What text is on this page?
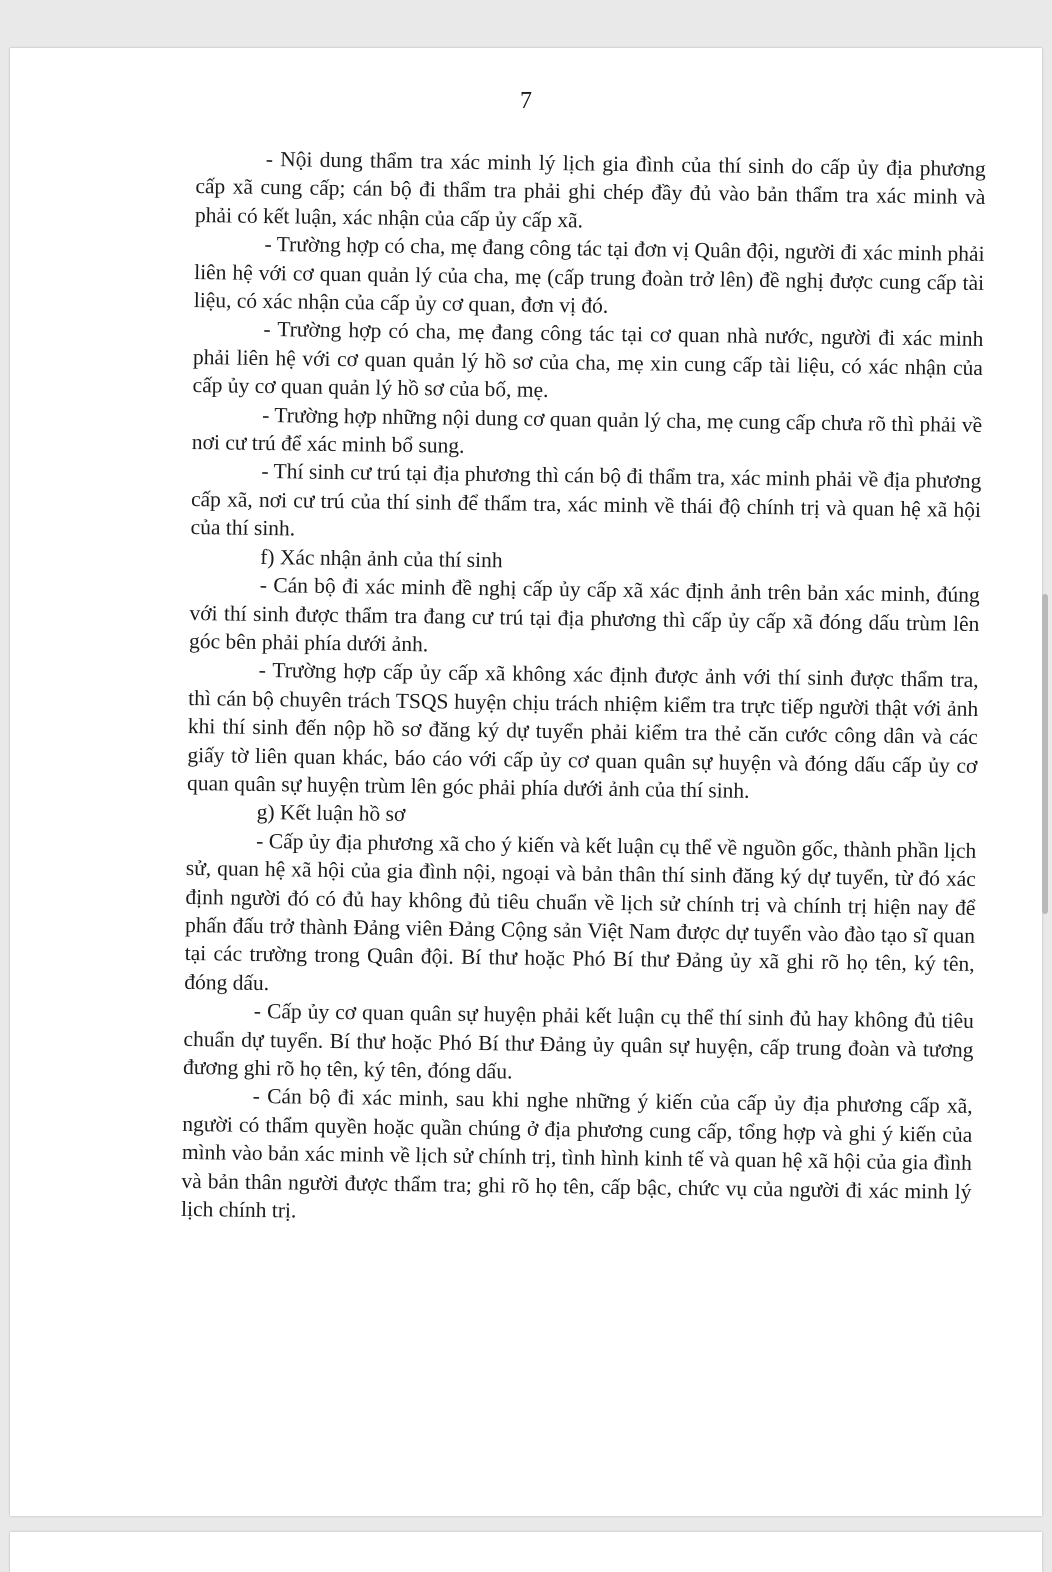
7

- Nội dung thẩm tra xác minh lý lịch gia đình của thí sinh do cấp ủy địa phương cấp xã cung cấp; cán bộ đi thẩm tra phải ghi chép đầy đủ vào bản thẩm tra xác minh và phải có kết luận, xác nhận của cấp ủy cấp xã.

- Trường hợp có cha, mẹ đang công tác tại đơn vị Quân đội, người đi xác minh phải liên hệ với cơ quan quản lý của cha, mẹ (cấp trung đoàn trở lên) đề nghị được cung cấp tài liệu, có xác nhận của cấp ủy cơ quan, đơn vị đó.

- Trường hợp có cha, mẹ đang công tác tại cơ quan nhà nước, người đi xác minh phải liên hệ với cơ quan quản lý hồ sơ của cha, mẹ xin cung cấp tài liệu, có xác nhận của cấp ủy cơ quan quản lý hồ sơ của bố, mẹ.

- Trường hợp những nội dung cơ quan quản lý cha, mẹ cung cấp chưa rõ thì phải về nơi cư trú để xác minh bổ sung.

- Thí sinh cư trú tại địa phương thì cán bộ đi thẩm tra, xác minh phải về địa phương cấp xã, nơi cư trú của thí sinh để thẩm tra, xác minh về thái độ chính trị và quan hệ xã hội của thí sinh.

f) Xác nhận ảnh của thí sinh

- Cán bộ đi xác minh đề nghị cấp ủy cấp xã xác định ảnh trên bản xác minh, đúng với thí sinh được thẩm tra đang cư trú tại địa phương thì cấp ủy cấp xã đóng dấu trùm lên góc bên phải phía dưới ảnh.

- Trường hợp cấp ủy cấp xã không xác định được ảnh với thí sinh được thẩm tra, thì cán bộ chuyên trách TSQS huyện chịu trách nhiệm kiểm tra trực tiếp người thật với ảnh khi thí sinh đến nộp hồ sơ đăng ký dự tuyển phải kiểm tra thẻ căn cước công dân và các giấy tờ liên quan khác, báo cáo với cấp ủy cơ quan quân sự huyện và đóng dấu cấp ủy cơ quan quân sự huyện trùm lên góc phải phía dưới ảnh của thí sinh.

g) Kết luận hồ sơ

- Cấp ủy địa phương xã cho ý kiến và kết luận cụ thể về nguồn gốc, thành phần lịch sử, quan hệ xã hội của gia đình nội, ngoại và bản thân thí sinh đăng ký dự tuyển, từ đó xác định người đó có đủ hay không đủ tiêu chuẩn về lịch sử chính trị và chính trị hiện nay để phấn đấu trở thành Đảng viên Đảng Cộng sản Việt Nam được dự tuyển vào đào tạo sĩ quan tại các trường trong Quân đội. Bí thư hoặc Phó Bí thư Đảng ủy xã ghi rõ họ tên, ký tên, đóng dấu.

- Cấp ủy cơ quan quân sự huyện phải kết luận cụ thể thí sinh đủ hay không đủ tiêu chuẩn dự tuyển. Bí thư hoặc Phó Bí thư Đảng ủy quân sự huyện, cấp trung đoàn và tương đương ghi rõ họ tên, ký tên, đóng dấu.

- Cán bộ đi xác minh, sau khi nghe những ý kiến của cấp ủy địa phương cấp xã, người có thẩm quyền hoặc quần chúng ở địa phương cung cấp, tổng hợp và ghi ý kiến của mình vào bản xác minh về lịch sử chính trị, tình hình kinh tế và quan hệ xã hội của gia đình và bản thân người được thẩm tra; ghi rõ họ tên, cấp bậc, chức vụ của người đi xác minh lý lịch chính trị.
